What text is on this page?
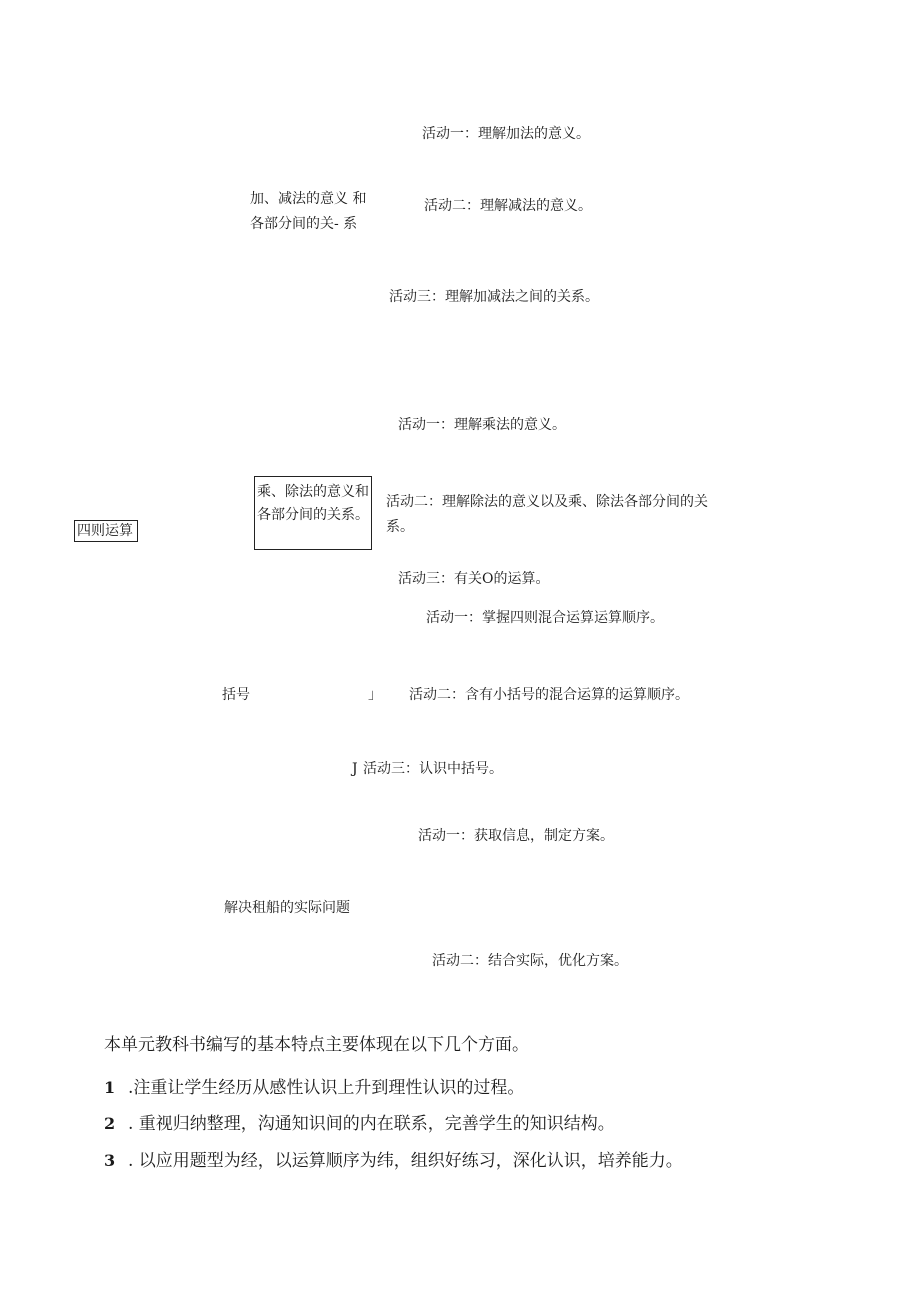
四则运算
加、减法的意义 和
各部分间的关- 系
活动一：理解加法的意义。
活动二：理解减法的意义。
活动三：理解加减法之间的关系。
乘、除法的意义和各部分间的关系。
活动一：理解乘法的意义。
活动二：理解除法的意义以及乘、除法各部分间的关
系。
活动三：有关O的运算。
括号	」
J
活动一：掌握四则混合运算运算顺序。
活动二：含有小括号的混合运算的运算顺序。
活动三：认识中括号。
解决租船的实际问题
活动一：获取信息，制定方案。
活动二：结合实际，优化方案。
本单元教科书编写的基本特点主要体现在以下几个方面。
1 .注重让学生经历从感性认识上升到理性认识的过程。
2 . 重视归纳整理，沟通知识间的内在联系，完善学生的知识结构。
3 . 以应用题型为经，以运算顺序为纬，组织好练习，深化认识，培养能力。
